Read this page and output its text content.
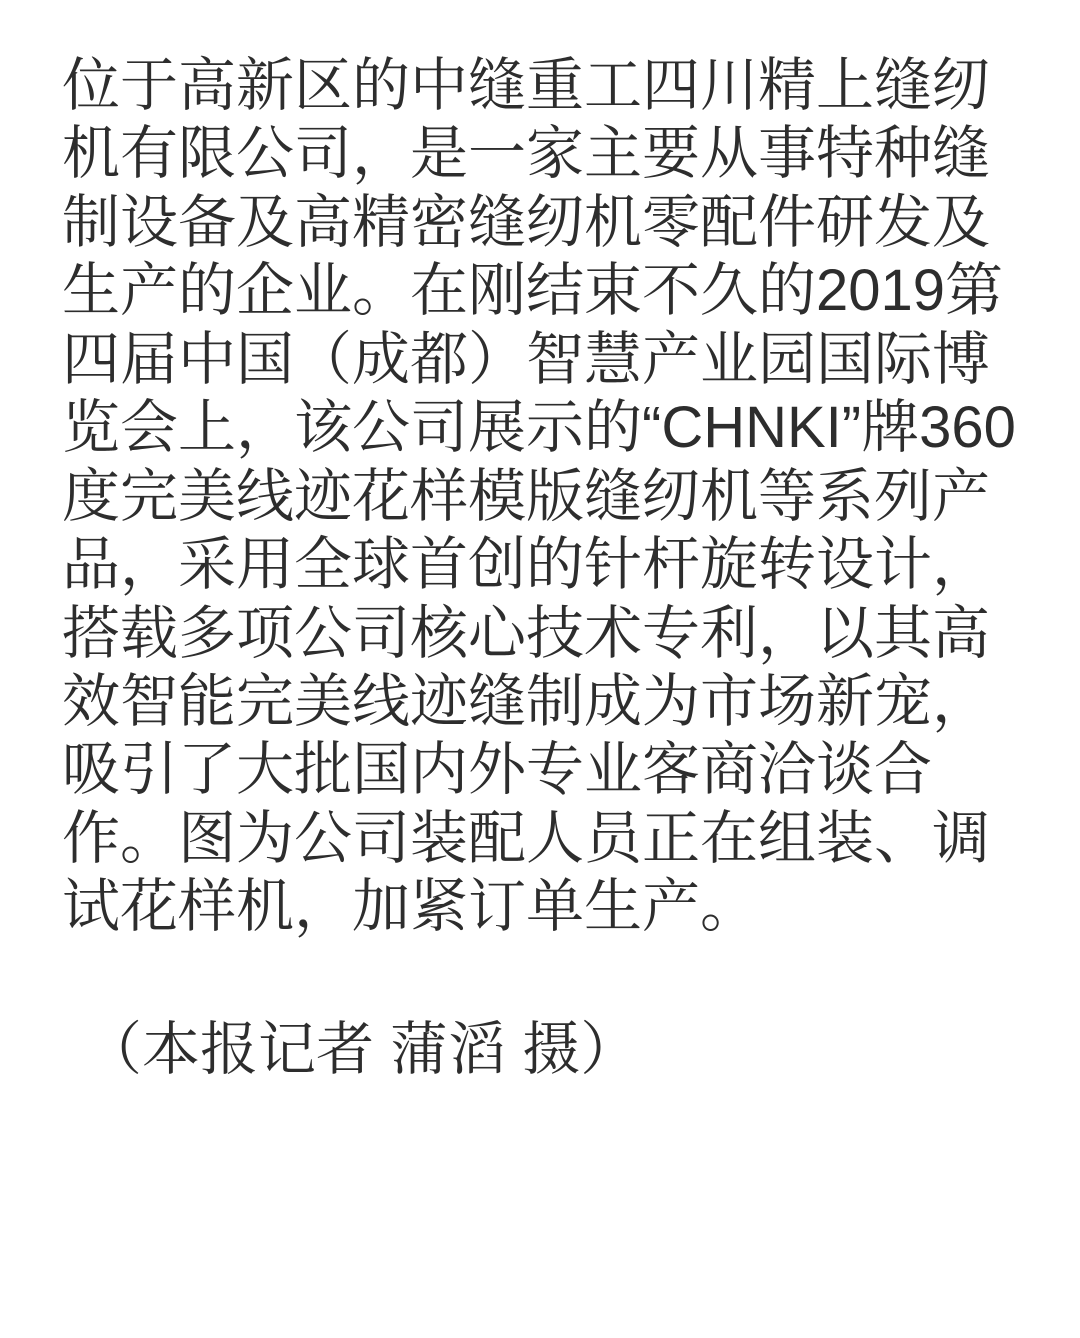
位于高新区的中缝重工四川精上缝纫机有限公司，是一家主要从事特种缝制设备及高精密缝纫机零配件研发及生产的企业。在刚结束不久的2019第四届中国（成都）智慧产业园国际博览会上，该公司展示的“CHNKI”牌360度完美线迹花样模版缝纫机等系列产品，采用全球首创的针杆旋转设计，搭载多项公司核心技术专利，以其高效智能完美线迹缝制成为市场新宠，吸引了大批国内外专业客商洽谈合作。图为公司装配人员正在组装、调试花样机，加紧订单生产。

（本报记者 蒲滔 摄）
